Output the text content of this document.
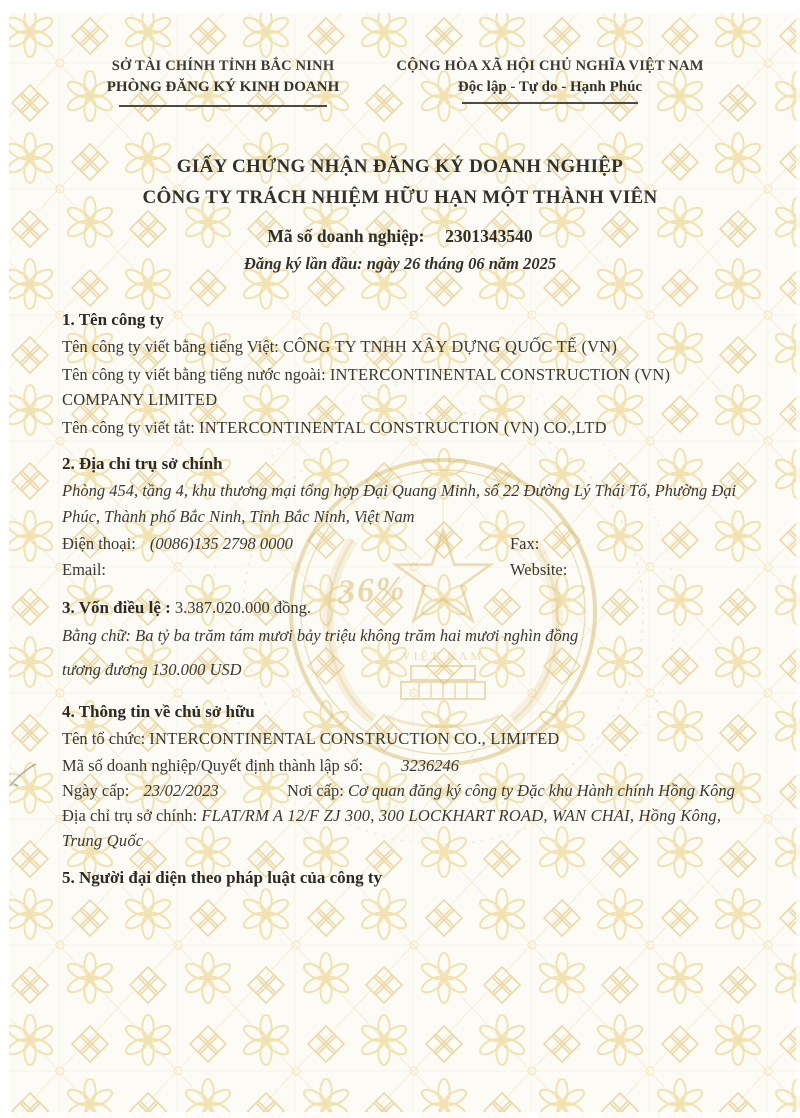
VIỆT NAM
36%
SỞ TÀI CHÍNH TỈNH BẮC NINH
PHÒNG ĐĂNG KÝ KINH DOANH
CỘNG HÒA XÃ HỘI CHỦ NGHĨA VIỆT NAM
Độc lập - Tự do - Hạnh Phúc
GIẤY CHỨNG NHẬN ĐĂNG KÝ DOANH NGHIỆP
CÔNG TY TRÁCH NHIỆM HỮU HẠN MỘT THÀNH VIÊN
Mã số doanh nghiệp: 2301343540
Đăng ký lần đầu: ngày 26 tháng 06 năm 2025
1. Tên công ty

Tên công ty viết bằng tiếng Việt: CÔNG TY TNHH XÂY DỰNG QUỐC TẾ (VN)

Tên công ty viết bằng tiếng nước ngoài: INTERCONTINENTAL CONSTRUCTION (VN) COMPANY LIMITED

Tên công ty viết tắt: INTERCONTINENTAL CONSTRUCTION (VN) CO.,LTD

2. Địa chỉ trụ sở chính

Phòng 454, tầng 4, khu thương mại tổng hợp Đại Quang Minh, số 22 Đường Lý Thái Tổ, Phường Đại Phúc, Thành phố Bắc Ninh, Tỉnh Bắc Ninh, Việt Nam

Điện thoại: (0086)135 2798 0000	Fax:
Email:	Website:

3. Vốn điều lệ : 3.387.020.000 đồng.

Bằng chữ: Ba tỷ ba trăm tám mươi bảy triệu không trăm hai mươi nghìn đồng

tương đương 130.000 USD

4. Thông tin về chủ sở hữu

Tên tổ chức: INTERCONTINENTAL CONSTRUCTION CO., LIMITED

Mã số doanh nghiệp/Quyết định thành lập số: 3236246

Ngày cấp: 23/02/2023	Nơi cấp: Cơ quan đăng ký công ty Đặc khu Hành chính Hồng Kông

Địa chỉ trụ sở chính: FLAT/RM A 12/F ZJ 300, 300 LOCKHART ROAD, WAN CHAI, Hồng Kông, Trung Quốc

5. Người đại diện theo pháp luật của công ty
